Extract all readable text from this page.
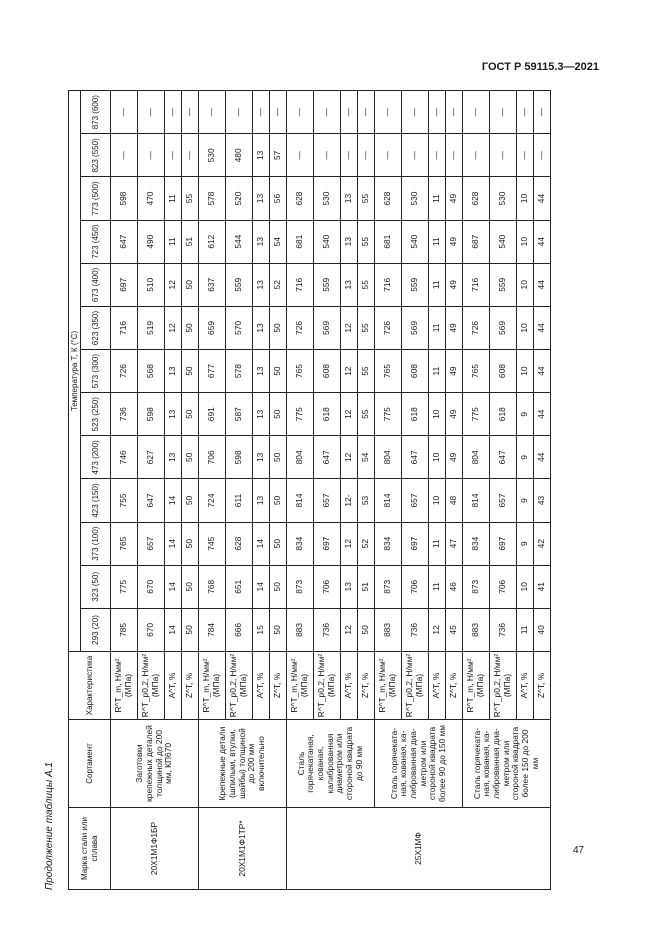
ГОСТ Р 59115.3—2021
Продолжение таблицы А.1	Марка стали или сплава	Сортамент	Характеристика	Температура T, К (°С)												
			293 (20)	323 (50)	373 (100)	423 (150)	473 (200)	523 (250)	573 (300)	623 (350)	673 (400)	723 (450)	773 (500)	823 (550)	873 (600)
20Х1М1Ф1БР	Заготовки крепежных деталей толщиной до 200 мм, КП670	R^T_m, Н/мм² (МПа)	785	775	765	755	746	736	726	716	697	647	598	—	—
		R^T_p0,2, Н/мм² (МПа)	670	670	657	647	627	598	568	519	510	490	470	—	—
		A^T, %	14	14	14	14	13	13	13	12	12	11	11	—	—
		Z^T, %	50	50	50	50	50	50	50	50	50	51	55	—	—
20Х1М1Ф1ТР*	Крепежные детали (шпильки, втулки, шайбы) толщиной до 200 мм включительно	R^T_m, Н/мм² (МПа)	784	768	745	724	706	691	677	659	637	612	578	530	—
		R^T_p0,2, Н/мм² (МПа)	666	651	628	611	598	587	578	570	559	544	520	480	—
		A^T, %	15	14	14	13	13	13	13	13	13	13	13	13	—
		Z^T, %	50	50	50	50	50	50	50	50	52	54	56	57	—
25Х1МФ	Сталь горячекатаная, кованая, калиброванная диаметром или стороной квадрата до 90 мм	R^T_m, Н/мм² (МПа)	883	873	834	814	804	775	765	726	716	681	628	—	—
		R^T_p0,2, Н/мм² (МПа)	736	706	697	657	647	618	608	569	559	540	530	—	—
		A^T, %	12	13	12	12-	12	12	12	12	13	13	13	—	—
		Z^T, %	50	51	52	53	54	55	55	55	55	55	55	—	—
	Сталь горячеката-ная, кованая, ка-либрованная диа-метром или стороной квадрата более 90 до 150 мм	R^T_m, Н/мм² (МПа)	883	873	834	814	804	775	765	726	716	681	628	—	—
		R^T_p0,2, Н/мм² (МПа)	736	706	697	657	647	618	608	569	559	540	530	—	—
		A^T, %	12	11	11	10	10	10	11	11	11	11	11	—	—
		Z^T, %	45	46	47	48	49	49	49	49	49	49	49	—	—
	Сталь горячеката-ная, кованая, ка-либрованная диа-метром или стороной квадрата более 150 до 200 мм	R^T_m, Н/мм² (МПа)	883	873	834	814	804	775	765	726	716	687	628	—	—
		R^T_p0,2, Н/мм² (МПа)	736	706	697	657	647	618	608	569	559	540	530	—	—
		A^T, %	11	10	9	9	9	9	10	10	10	10	10	—	—
		Z^T, %	40	41	42	43	44	44	44	44	44	44	44	—	—
47
